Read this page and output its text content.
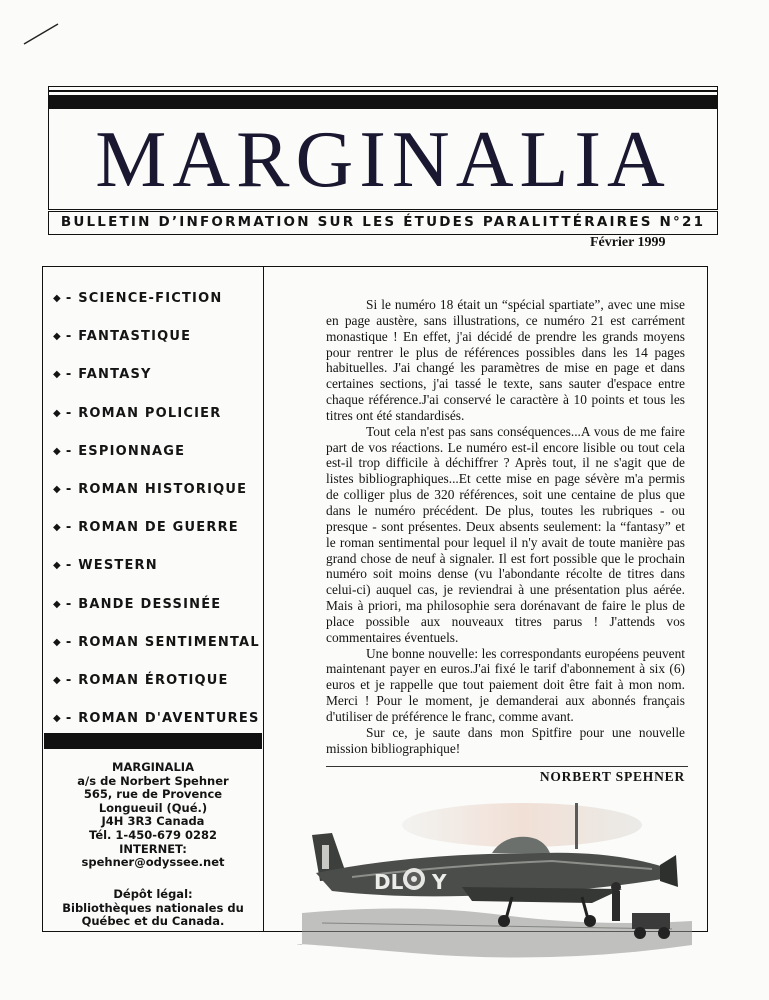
MARGINALIA
BULLETIN D’INFORMATION SUR LES ÉTUDES PARALITTÉRAIRES N°21
Février 1999
◆ - SCIENCE-FICTION
◆ - FANTASTIQUE
◆ - FANTASY
◆ - ROMAN POLICIER
◆ - ESPIONNAGE
◆ - ROMAN HISTORIQUE
◆ - ROMAN DE GUERRE
◆ - WESTERN
◆ - BANDE DESSINÉE
◆ - ROMAN SENTIMENTAL
◆ - ROMAN ÉROTIQUE
◆ - ROMAN D'AVENTURES
MARGINALIA
a/s de Norbert Spehner
565, rue de Provence
Longueuil (Qué.)
J4H 3R3 Canada
Tél. 1-450-679 0282
INTERNET:
spehner@odyssee.net
Dépôt légal:
Bibliothèques nationales du
Québec et du Canada.

Si le numéro 18 était un “spécial spartiate”, avec une mise en page austère, sans illustrations, ce numéro 21 est carrément monastique ! En effet, j'ai décidé de prendre les grands moyens pour rentrer le plus de références possibles dans les 14 pages habituelles. J'ai changé les paramètres de mise en page et dans certaines sections, j'ai tassé le texte, sans sauter d'espace entre chaque référence.J'ai conservé le caractère à 10 points et tous les titres ont été standardisés.

Tout cela n'est pas sans conséquences...A vous de me faire part de vos réactions. Le numéro est-il encore lisible ou tout cela est-il trop difficile à déchiffrer ? Après tout, il ne s'agit que de listes bibliographiques...Et cette mise en page sévère m'a permis de colliger plus de 320 références, soit une centaine de plus que dans le numéro précédent. De plus, toutes les rubriques - ou presque - sont présentes. Deux absents seulement: la “fantasy” et le roman sentimental pour lequel il n'y avait de toute manière pas grand chose de neuf à signaler. Il est fort possible que le prochain numéro soit moins dense (vu l'abondante récolte de titres dans celui-ci) auquel cas, je reviendrai à une présentation plus aérée. Mais à priori, ma philosophie sera dorénavant de faire le plus de place possible aux nouveaux titres parus ! J'attends vos commentaires éventuels.

Une bonne nouvelle: les correspondants européens peuvent maintenant payer en euros.J'ai fixé le tarif d'abonnement à six (6) euros et je rappelle que tout paiement doit être fait à mon nom. Merci ! Pour le moment, je demanderai aux abonnés français d'utiliser de préférence le franc, comme avant.

Sur ce, je saute dans mon Spitfire pour une nouvelle mission bibliographique!

NORBERT SPEHNER
DL Y
